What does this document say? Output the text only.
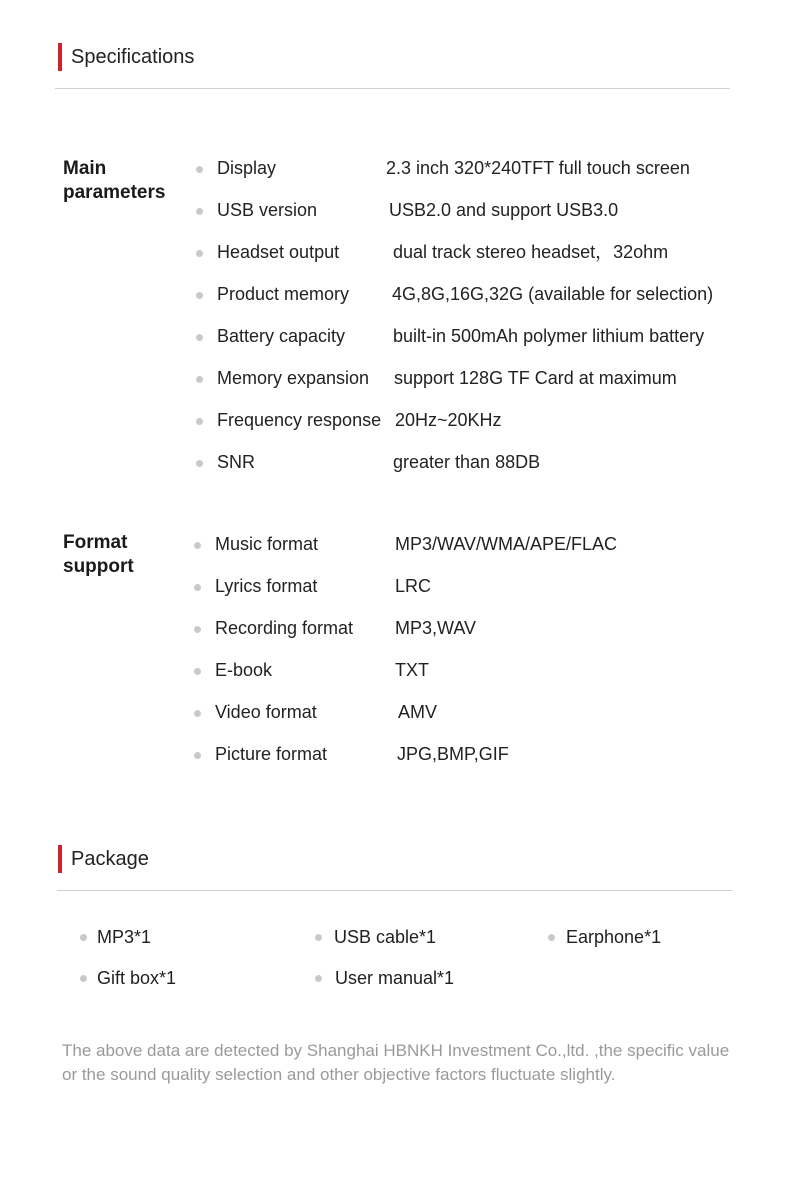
Specifications
Main
parameters
Display	2.3 inch 320*240TFT full touch screen
USB version	USB2.0 and support USB3.0
Headset output	dual track stereo headset，32ohm
Product memory 4G,8G,16G,32G (available for selection)
Battery capacity	built-in 500mAh polymer lithium battery
Memory expansion support 128G TF Card at maximum
Frequency response 20Hz~20KHz
SNR	greater than 88DB
Format
support
Music format	MP3/WAV/WMA/APE/FLAC
Lyrics format	LRC
Recording format MP3,WAV
E-book	TXT
Video format	AMV
Picture format	JPG,BMP,GIF
Package
MP3*1	USB cable*1	Earphone*1
Gift box*1	User manual*1
The above data are detected by Shanghai HBNKH Investment Co.,ltd. ,the specific value or the sound quality selection and other objective factors fluctuate slightly.
